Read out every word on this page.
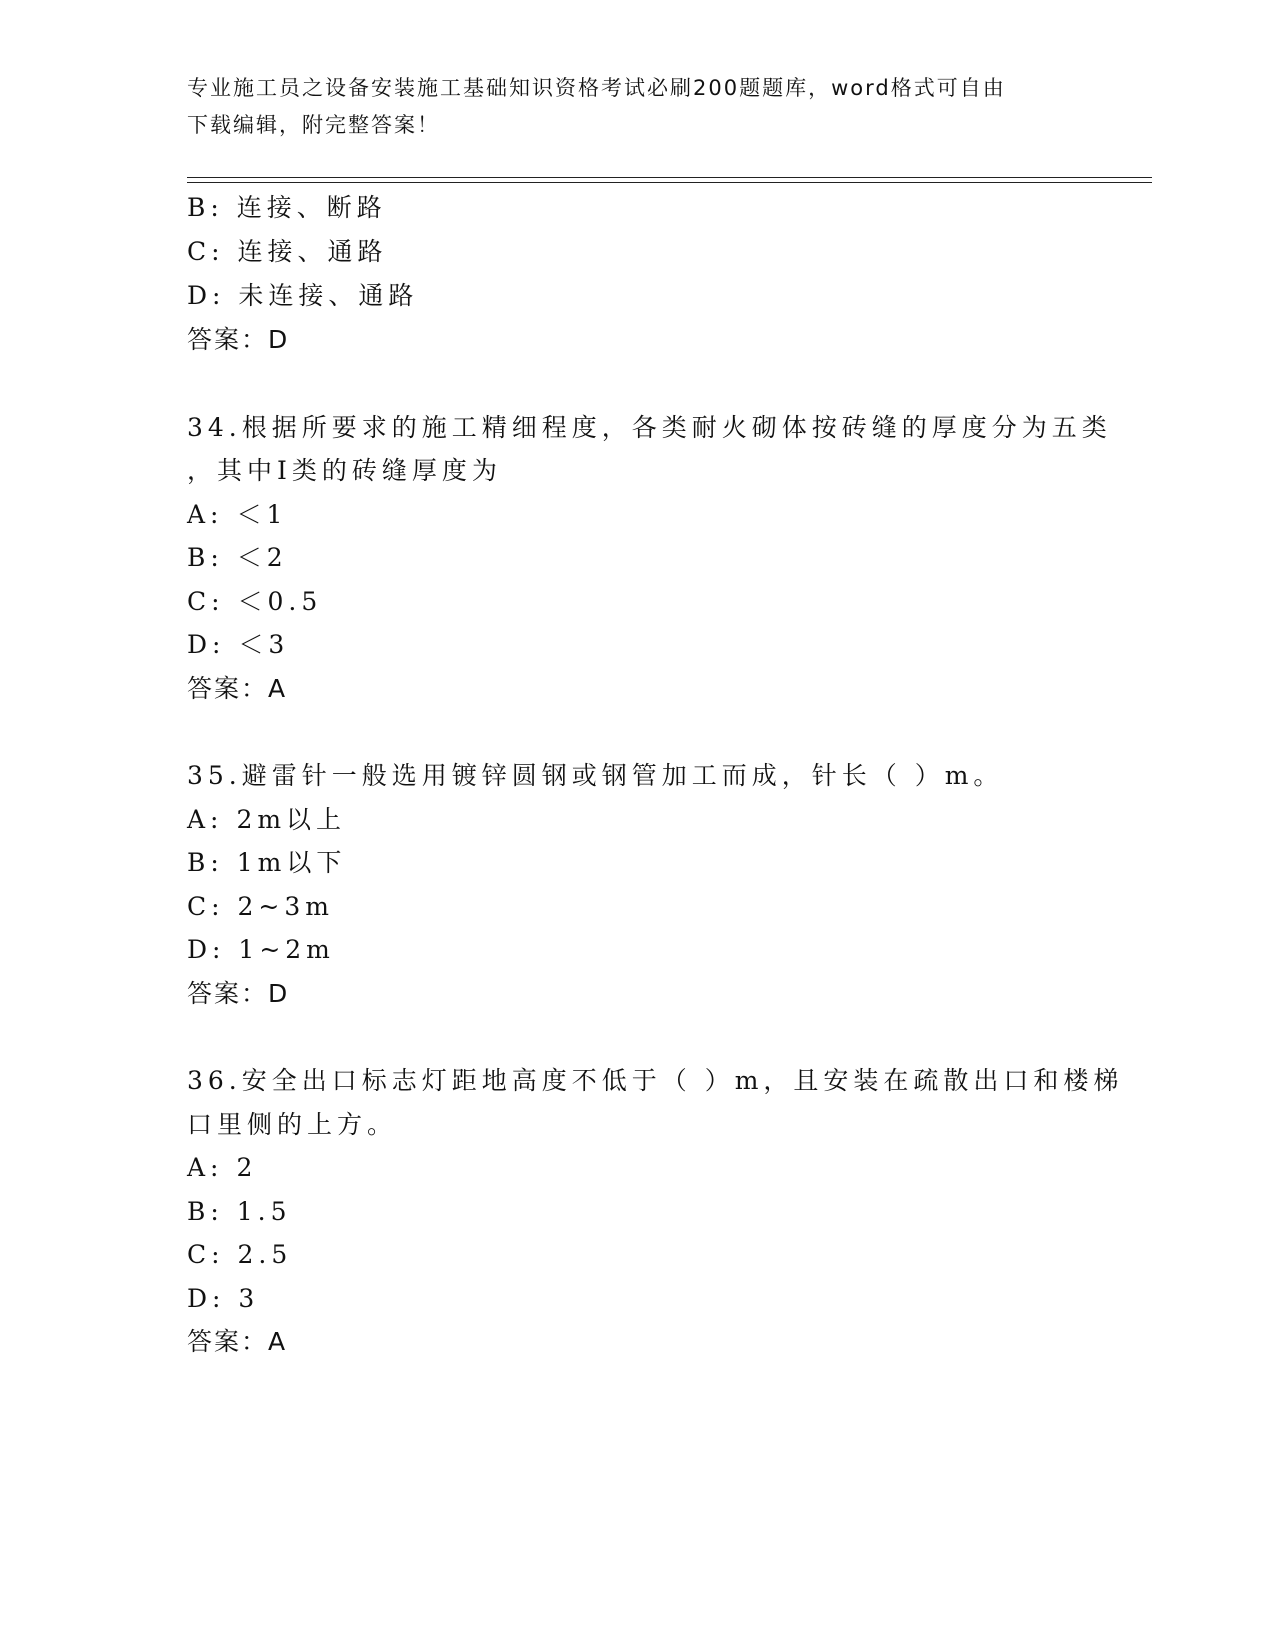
专业施工员之设备安装施工基础知识资格考试必刷200题题库，word格式可自由
下载编辑，附完整答案！
B: 连接、断路
C: 连接、通路
D: 未连接、通路
答案：D
34.根据所要求的施工精细程度，各类耐火砌体按砖缝的厚度分为五类
，其中Ⅰ类的砖缝厚度为
A: ＜1
B: ＜2
C: ＜0.5
D: ＜3
答案：A
35.避雷针一般选用镀锌圆钢或钢管加工而成，针长（ ）m。
A: 2m以上
B: 1m以下
C: 2~3m
D: 1~2m
答案：D
36.安全出口标志灯距地高度不低于（ ）m，且安装在疏散出口和楼梯
口里侧的上方。
A: 2
B: 1.5
C: 2.5
D: 3
答案：A
